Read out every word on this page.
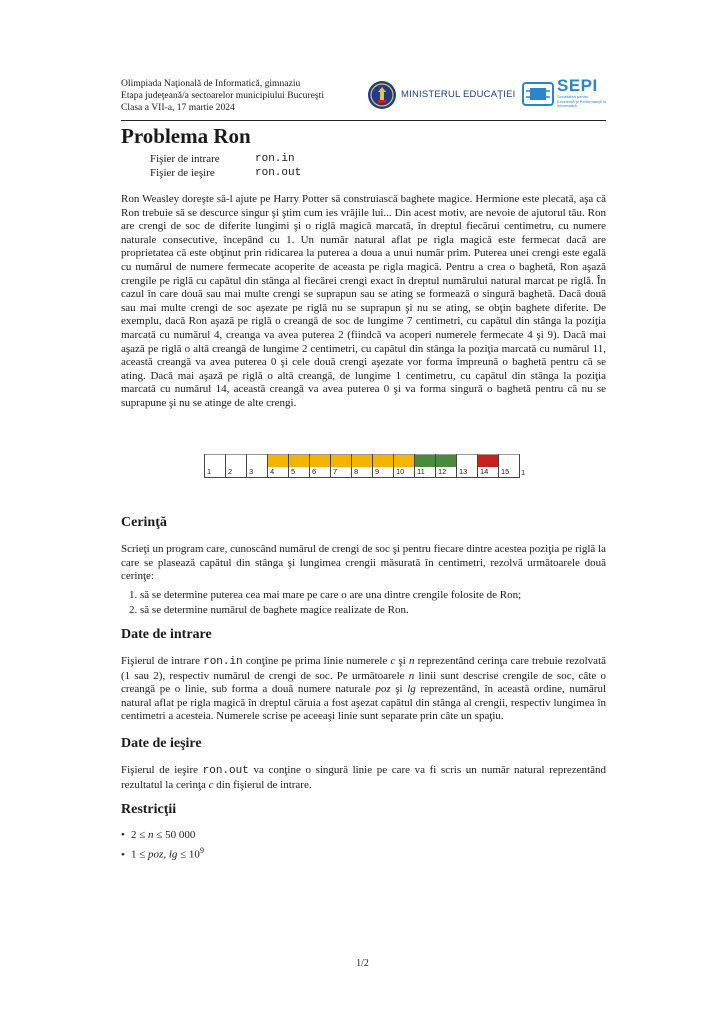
Olimpiada Naţională de Informatică, gimnaziu
Etapa judeţeană/a sectoarelor municipiului Bucureşti
Clasa a VII-a, 17 martie 2024
MINISTERUL EDUCAŢIEI SEPI
Societatea pentru Excelenţă şi Performanţă în Informatică
Problema Ron
Fişier de intrare	ron.in
Fişier de ieşire	ron.out

Ron Weasley doreşte să-l ajute pe Harry Potter să construiască baghete magice. Hermione este plecată, aşa că Ron trebuie să se descurce singur şi ştim cum ies vrăjile lui... Din acest motiv, are nevoie de ajutorul tău. Ron are crengi de soc de diferite lungimi şi o riglă magică marcată, în dreptul fiecărui centimetru, cu numere naturale consecutive, începând cu 1. Un număr natural aflat pe rigla magică este fermecat dacă are proprietatea că este obţinut prin ridicarea la puterea a doua a unui număr prim. Puterea unei crengi este egală cu numărul de numere fermecate acoperite de aceasta pe rigla magică. Pentru a crea o baghetă, Ron aşază crengile pe riglă cu capătul din stânga al fiecărei crengi exact în dreptul numărului natural marcat pe riglă. În cazul în care două sau mai multe crengi se suprapun sau se ating se formează o singură baghetă. Dacă două sau mai multe crengi de soc aşezate pe riglă nu se suprapun şi nu se ating, se obţin baghete diferite. De exemplu, dacă Ron aşază pe riglă o creangă de soc de lungime 7 centimetri, cu capătul din stânga la poziţia marcată cu numărul 4, creanga va avea puterea 2 (fiindcă va acoperi numerele fermecate 4 şi 9). Dacă mai aşază pe riglă o altă creangă de lungime 2 centimetri, cu capătul din stânga la poziţia marcată cu numărul 11, această creangă va avea puterea 0 şi cele două crengi aşezate vor forma împreună o baghetă pentru că se ating. Dacă mai aşază pe riglă o altă creangă, de lungime 1 centimetru, cu capătul din stânga la poziţia marcată cu numărul 14, această creangă va avea puterea 0 şi va forma singură o baghetă pentru că nu se suprapune şi nu se atinge de alte crengi.

1 2 3 4 5 6 7 8 9 10 11 12 13 14 15 1
Cerinţă

Scrieţi un program care, cunoscând numărul de crengi de soc şi pentru fiecare dintre acestea poziţia pe riglă la care se plasează capătul din stânga şi lungimea crengii măsurată în centimetri, rezolvă următoarele două cerinţe:

1. să se determine puterea cea mai mare pe care o are una dintre crengile folosite de Ron;
2. să se determine numărul de baghete magice realizate de Ron.
Date de intrare

Fişierul de intrare ron.in conţine pe prima linie numerele c şi n reprezentând cerinţa care trebuie rezolvată (1 sau 2), respectiv numărul de crengi de soc. Pe următoarele n linii sunt descrise crengile de soc, câte o creangă pe o linie, sub forma a două numere naturale poz şi lg reprezentând, în această ordine, numărul natural aflat pe rigla magică în dreptul căruia a fost aşezat capătul din stânga al crengii, respectiv lungimea în centimetri a acesteia. Numerele scrise pe aceeaşi linie sunt separate prin câte un spaţiu.

Date de ieşire

Fişierul de ieşire ron.out va conţine o singură linie pe care va fi scris un număr natural reprezentând rezultatul la cerinţa c din fişierul de intrare.

Restricţii
• 2 ≤ n ≤ 50 000
• 1 ≤ poz, $\lg \le 10^9$
1/2
